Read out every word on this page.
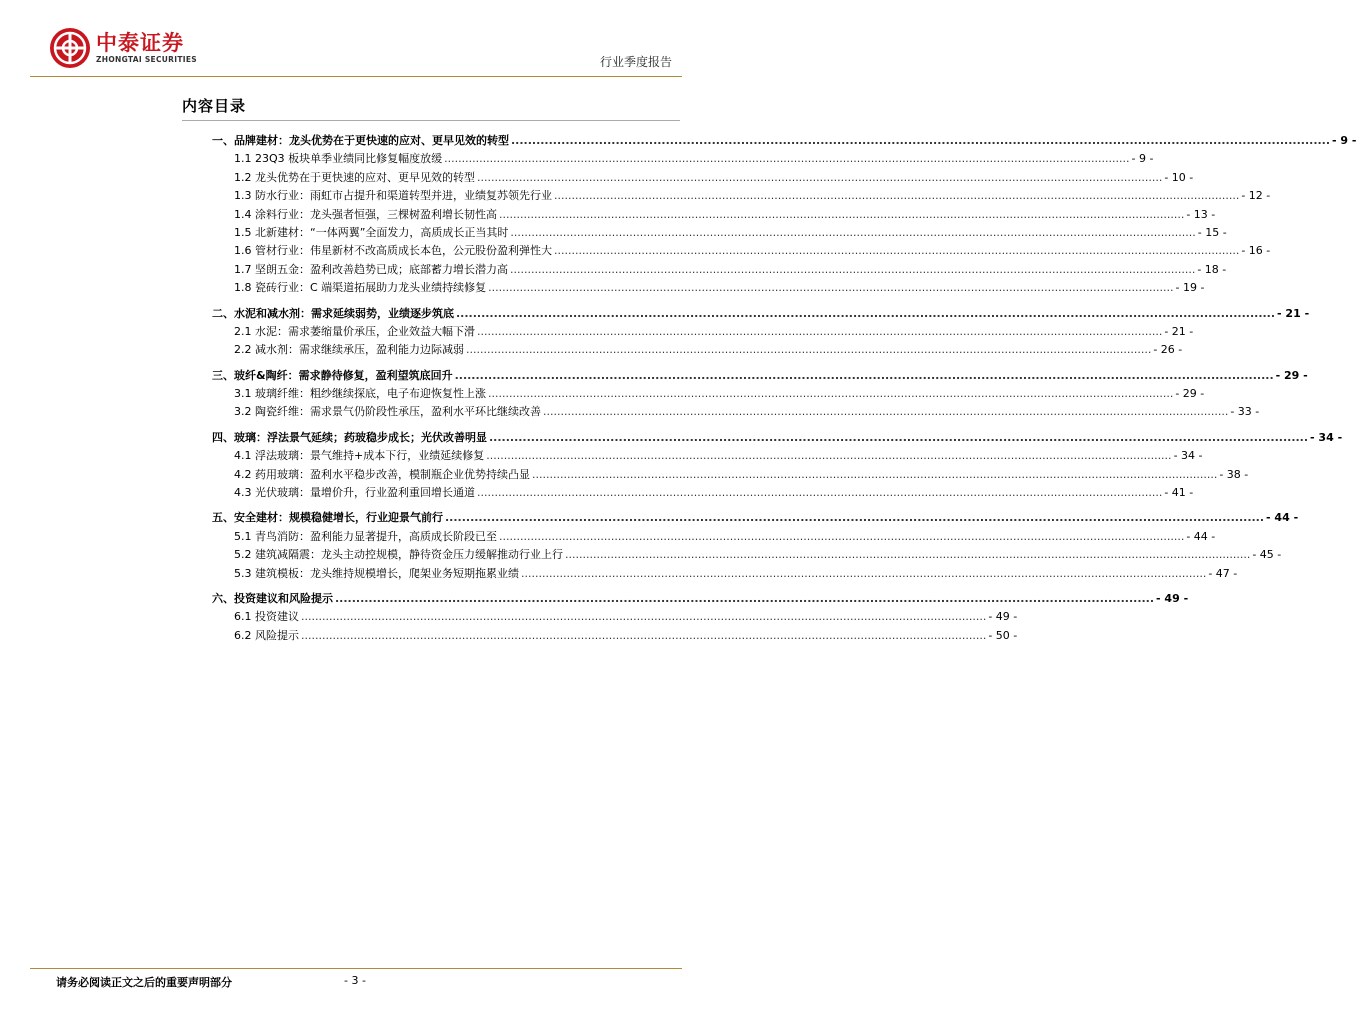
中泰证券
ZHONGTAI SECURITIES	行业季度报告
内容目录
一、品牌建材：龙头优势在于更快速的应对、更早见效的转型 .....	- 9 -
1.1 23Q3 板块单季业绩同比修复幅度放缓 .....	- 9 -
1.2 龙头优势在于更快速的应对、更早见效的转型 .....	- 10 -
1.3 防水行业：雨虹市占提升和渠道转型并进，业绩复苏领先行业 .....	- 12 -
1.4 涂料行业：龙头强者恒强，三棵树盈利增长韧性高 .....	- 13 -
1.5 北新建材：“一体两翼”全面发力，高质成长正当其时 .....	- 15 -
1.6 管材行业：伟星新材不改高质成长本色，公元股份盈利弹性大 .....	- 16 -
1.7 坚朗五金：盈利改善趋势已成；底部蓄力增长潜力高 .....	- 18 -
1.8 瓷砖行业：C 端渠道拓展助力龙头业绩持续修复 .....	- 19 -
二、水泥和减水剂：需求延续弱势，业绩逐步筑底 .....	- 21 -
2.1 水泥：需求萎缩量价承压，企业效益大幅下滑 .....	- 21 -
2.2 减水剂：需求继续承压，盈利能力边际减弱 .....	- 26 -
三、玻纤&陶纤：需求静待修复，盈利望筑底回升 .....	- 29 -
3.1 玻璃纤维：粗纱继续探底，电子布迎恢复性上涨 .....	- 29 -
3.2 陶瓷纤维：需求景气仍阶段性承压，盈利水平环比继续改善 .....	- 33 -
四、玻璃：浮法景气延续；药玻稳步成长；光伏改善明显 .....	- 34 -
4.1 浮法玻璃：景气维持+成本下行，业绩延续修复 .....	- 34 -
4.2 药用玻璃：盈利水平稳步改善，模制瓶企业优势持续凸显 .....	- 38 -
4.3 光伏玻璃：量增价升，行业盈利重回增长通道 .....	- 41 -
五、安全建材：规模稳健增长，行业迎景气前行 .....	- 44 -
5.1 青鸟消防：盈利能力显著提升，高质成长阶段已至 .....	- 44 -
5.2 建筑减隔震：龙头主动控规模，静待资金压力缓解推动行业上行 .....	- 45 -
5.3 建筑模板：龙头维持规模增长，爬架业务短期拖累业绩 .....	- 47 -
六、投资建议和风险提示 .....	- 49 -
6.1 投资建议 .....	- 49 -
6.2 风险提示 .....	- 50 -
请务必阅读正文之后的重要声明部分	- 3 -
